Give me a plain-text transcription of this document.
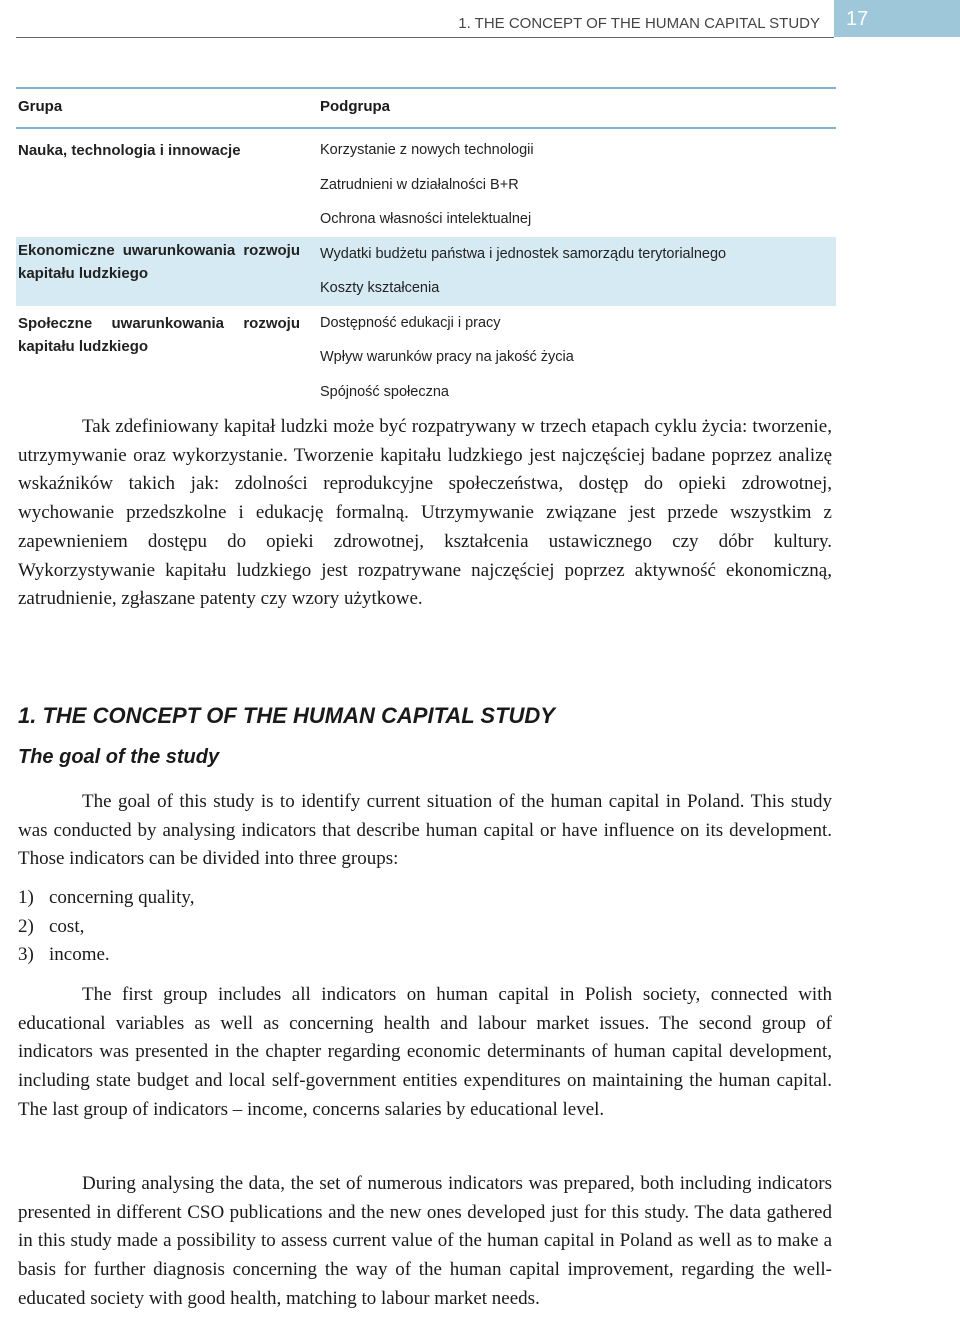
1. THE CONCEPT OF THE HUMAN CAPITAL STUDY 17
Grupa	Podgrupa
Nauka, technologia i innowacje	Korzystanie z nowych technologii
Zatrudnieni w działalności B+R
Ochrona własności intelektualnej
Ekonomiczne uwarunkowania rozwoju kapitału ludzkiego
Wydatki budżetu państwa i jednostek samorządu terytorialnego
Koszty kształcenia
Społeczne uwarunkowania rozwoju kapitału ludzkiego
Dostępność edukacji i pracy
Wpływ warunków pracy na jakość życia
Spójność społeczna

Tak zdefiniowany kapitał ludzki może być rozpatrywany w trzech etapach cyklu życia: tworzenie, utrzymywanie oraz wykorzystanie. Tworzenie kapitału ludzkiego jest najczęściej badane poprzez analizę wskaźników takich jak: zdolności reprodukcyjne społeczeństwa, dostęp do opieki zdrowotnej, wychowanie przedszkolne i edukację formalną. Utrzymywanie związane jest przede wszystkim z zapewnieniem dostępu do opieki zdrowotnej, kształcenia ustawicznego czy dóbr kultury. Wykorzystywanie kapitału ludzkiego jest rozpatrywane najczęściej poprzez aktywność ekonomiczną, zatrudnienie, zgłaszane patenty czy wzory użytkowe.

1. THE CONCEPT OF THE HUMAN CAPITAL STUDY
The goal of the study

The goal of this study is to identify current situation of the human capital in Poland. This study was conducted by analysing indicators that describe human capital or have influence on its development. Those indicators can be divided into three groups:

1) concerning quality,
2) cost,
3) income.

The first group includes all indicators on human capital in Polish society, connected with educational variables as well as concerning health and labour market issues. The second group of indicators was presented in the chapter regarding economic determinants of human capital development, including state budget and local self-government entities expenditures on maintaining the human capital. The last group of indicators – income, concerns salaries by educational level.

During analysing the data, the set of numerous indicators was prepared, both including indicators presented in different CSO publications and the new ones developed just for this study. The data gathered in this study made a possibility to assess current value of the human capital in Poland as well as to make a basis for further diagnosis concerning the way of the human capital improvement, regarding the well-educated society with good health, matching to labour market needs.
